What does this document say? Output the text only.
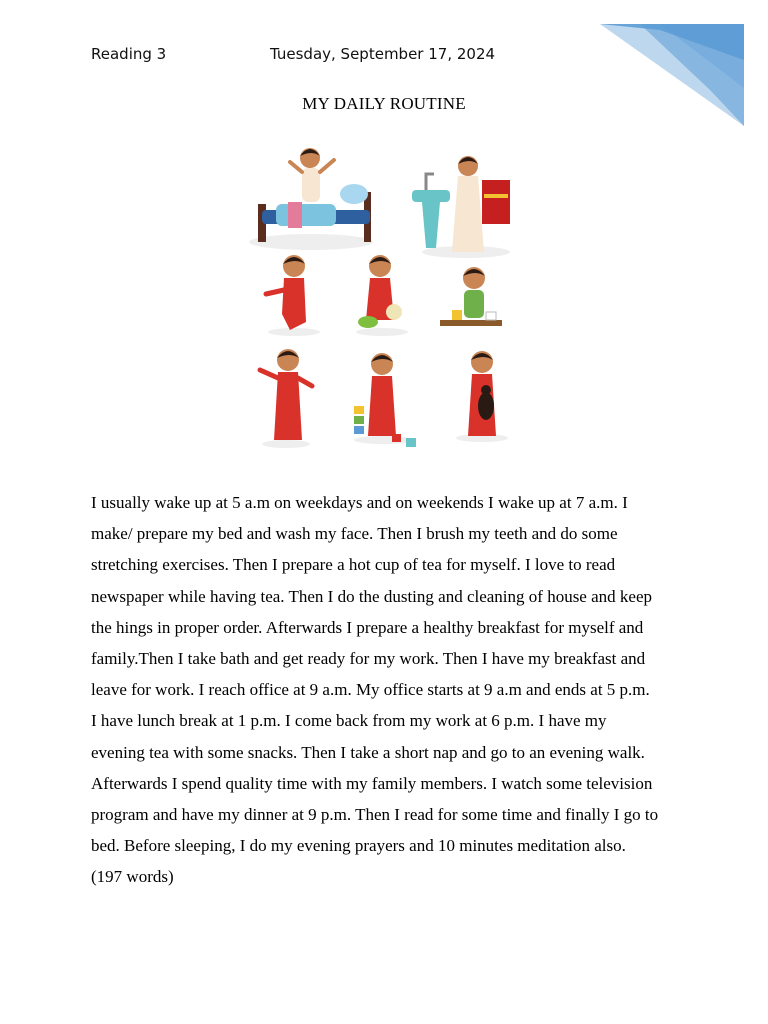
Reading 3	Tuesday, September 17, 2024
MY DAILY ROUTINE

I usually wake up at 5 a.m on weekdays and on weekends I wake up at 7 a.m. I
make/ prepare my bed and wash my face. Then I brush my teeth and do some
stretching exercises. Then I prepare a hot cup of tea for myself. I love to read
newspaper while having tea. Then I do the dusting and cleaning of house and keep
the hings in proper order. Afterwards I prepare a healthy breakfast for myself and
family.Then I take bath and get ready for my work. Then I have my breakfast and
leave for work. I reach office at 9 a.m. My office starts at 9 a.m and ends at 5 p.m.
I have lunch break at 1 p.m. I come back from my work at 6 p.m. I have my
evening tea with some snacks. Then I take a short nap and go to an evening walk.
Afterwards I spend quality time with my family members. I watch some television
program and have my dinner at 9 p.m. Then I read for some time and finally I go to
bed. Before sleeping, I do my evening prayers and 10 minutes meditation also.
(197 words)
